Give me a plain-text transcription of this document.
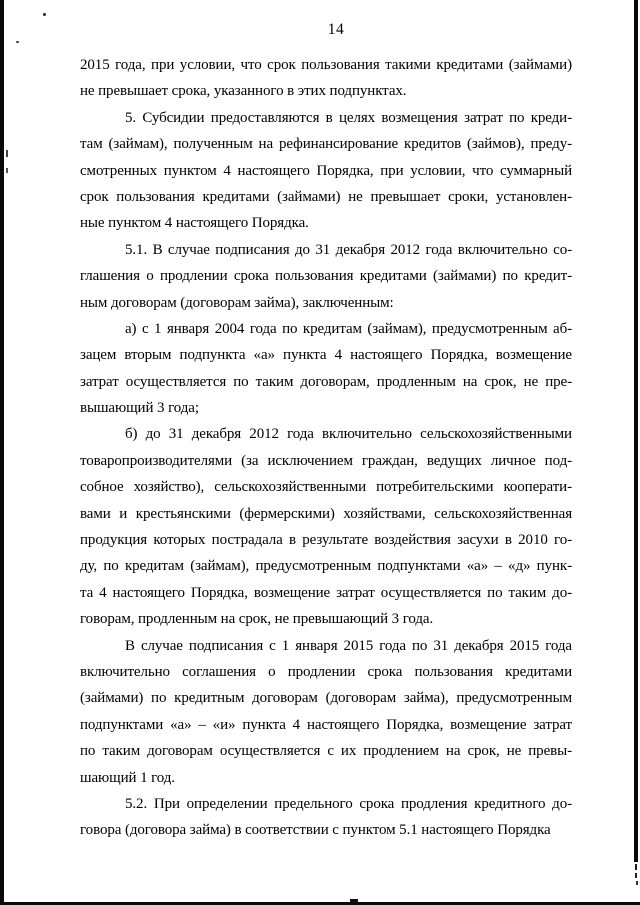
14
2015 года, при условии, что срок пользования такими кредитами (займами)
не превышает срока, указанного в этих подпунктах.
5. Субсидии предоставляются в целях возмещения затрат по креди-
там (займам), полученным на рефинансирование кредитов (займов), преду-
смотренных пунктом 4 настоящего Порядка, при условии, что суммарный
срок пользования кредитами (займами) не превышает сроки, установлен-
ные пунктом 4 настоящего Порядка.
5.1. В случае подписания до 31 декабря 2012 года включительно со-
глашения о продлении срока пользования кредитами (займами) по кредит-
ным договорам (договорам займа), заключенным:
а) с 1 января 2004 года по кредитам (займам), предусмотренным аб-
зацем вторым подпункта «а» пункта 4 настоящего Порядка, возмещение
затрат осуществляется по таким договорам, продленным на срок, не пре-
вышающий 3 года;
б) до 31 декабря 2012 года включительно сельскохозяйственными
товаропроизводителями (за исключением граждан, ведущих личное под-
собное хозяйство), сельскохозяйственными потребительскими кооперати-
вами и крестьянскими (фермерскими) хозяйствами, сельскохозяйственная
продукция которых пострадала в результате воздействия засухи в 2010 го-
ду, по кредитам (займам), предусмотренным подпунктами «а» – «д» пунк-
та 4 настоящего Порядка, возмещение затрат осуществляется по таким до-
говорам, продленным на срок, не превышающий 3 года.
В случае подписания с 1 января 2015 года по 31 декабря 2015 года
включительно соглашения о продлении срока пользования кредитами
(займами) по кредитным договорам (договорам займа), предусмотренным
подпунктами «а» – «и» пункта 4 настоящего Порядка, возмещение затрат
по таким договорам осуществляется с их продлением на срок, не превы-
шающий 1 год.
5.2. При определении предельного срока продления кредитного до-
говора (договора займа) в соответствии с пунктом 5.1 настоящего Порядка
